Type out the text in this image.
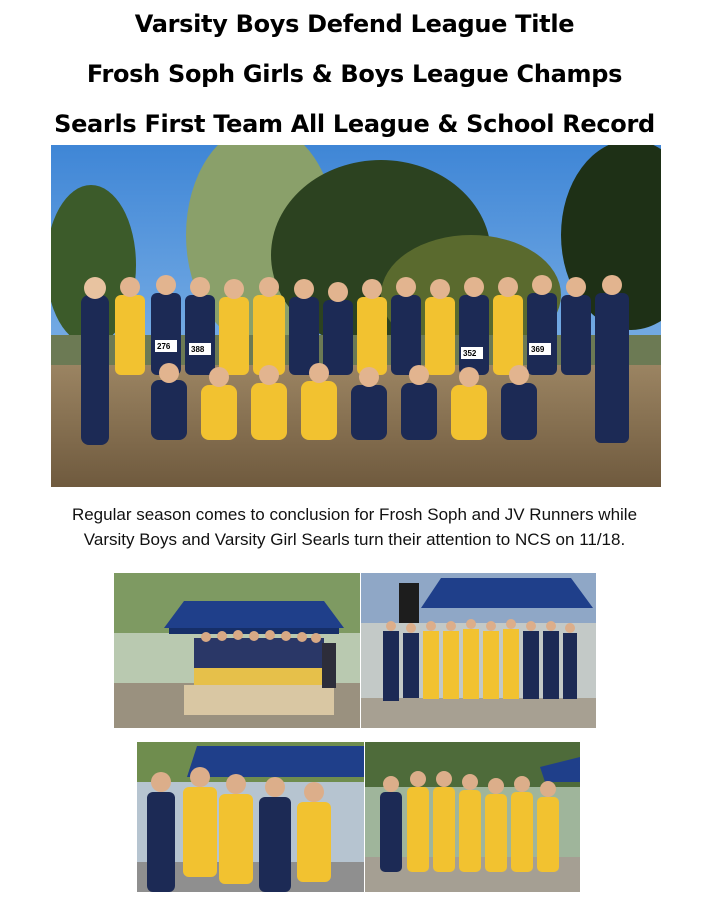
Varsity Boys Defend League Title
Frosh Soph Girls & Boys League Champs
Searls First Team All League & School Record
276	388	352	369
Regular season comes to conclusion for Frosh Soph and JV Runners while
Varsity Boys and Varsity Girl Searls turn their attention to NCS on 11/18.
